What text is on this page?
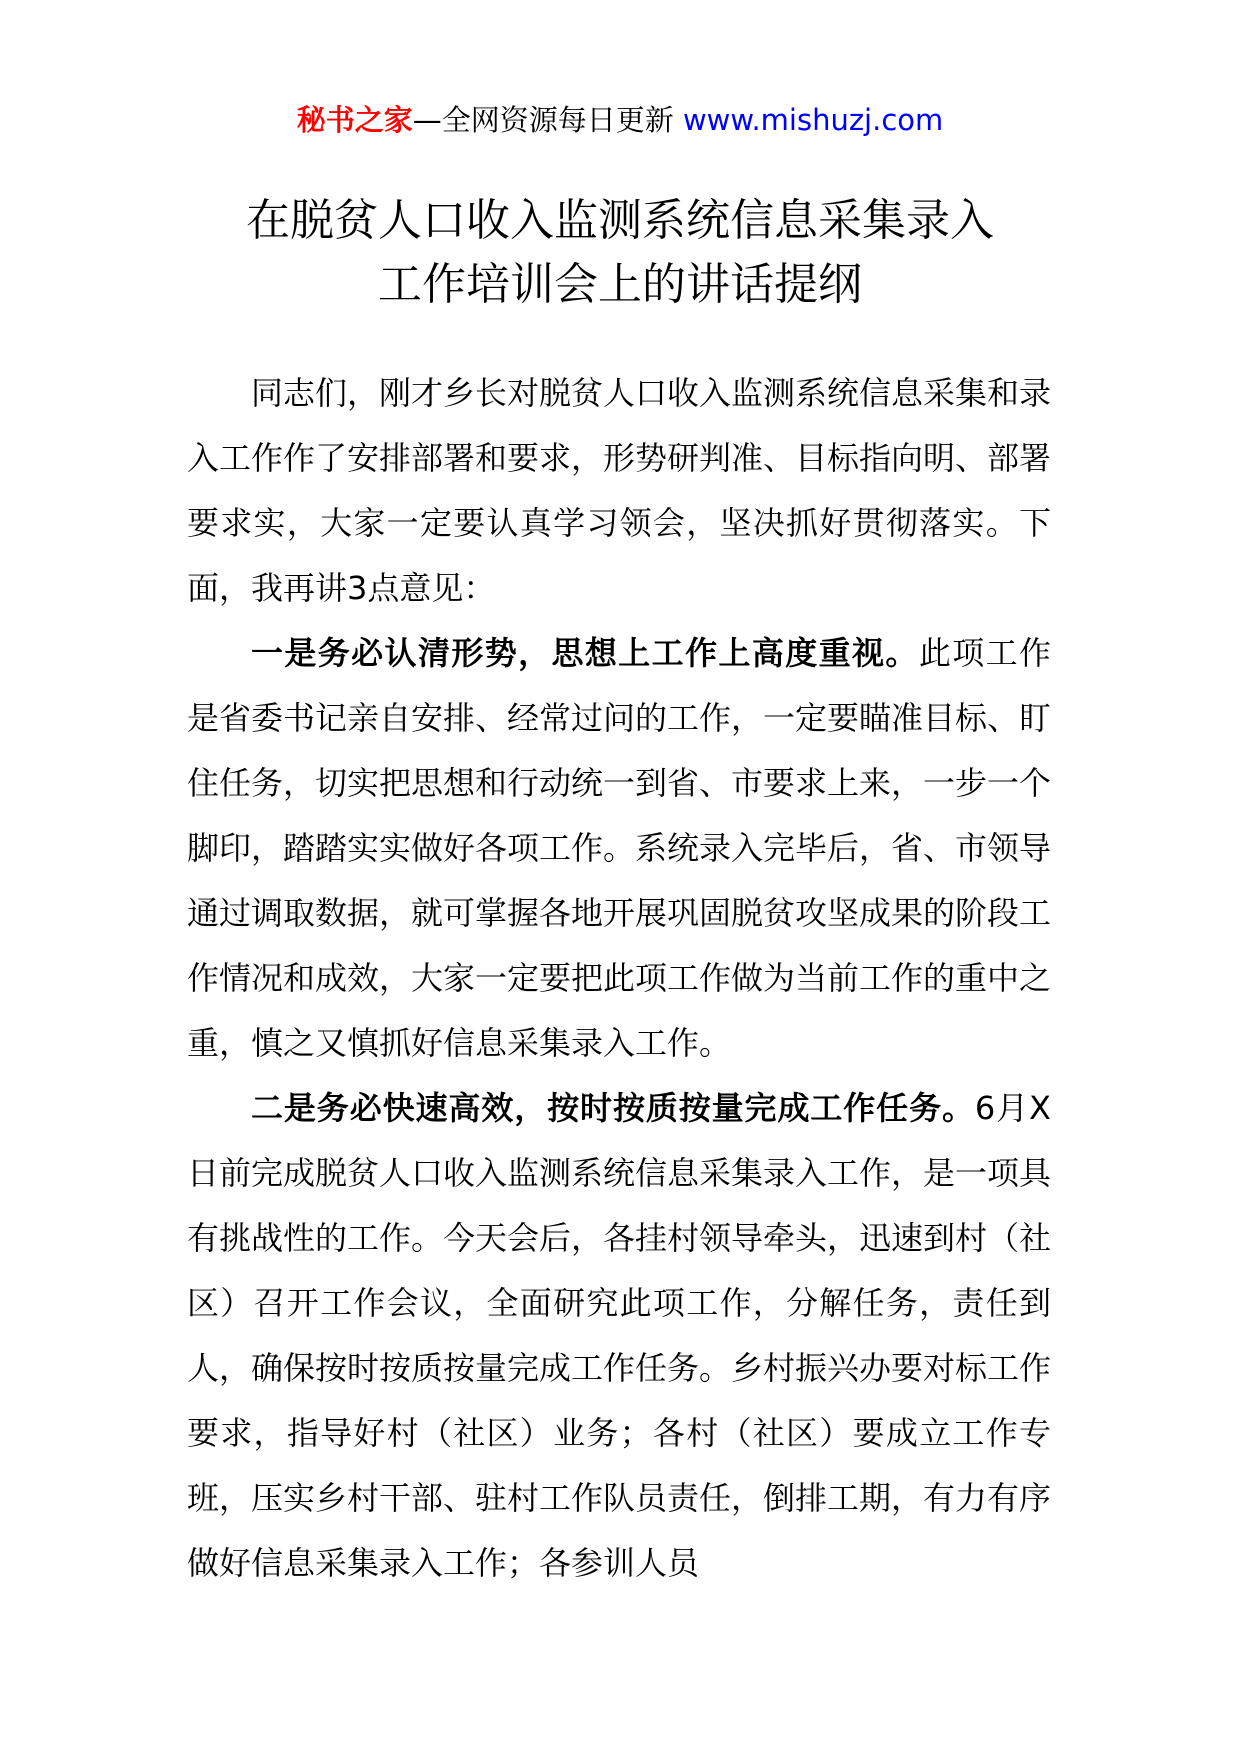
秘书之家—全网资源每日更新 www.mishuzj.com
在脱贫人口收入监测系统信息采集录入
工作培训会上的讲话提纲

同志们，刚才乡长对脱贫人口收入监测系统信息采集和录入工作作了安排部署和要求，形势研判准、目标指向明、部署要求实，大家一定要认真学习领会，坚决抓好贯彻落实。下面，我再讲3点意见：

一是务必认清形势，思想上工作上高度重视。此项工作是省委书记亲自安排、经常过问的工作，一定要瞄准目标、盯住任务，切实把思想和行动统一到省、市要求上来，一步一个脚印，踏踏实实做好各项工作。系统录入完毕后，省、市领导通过调取数据，就可掌握各地开展巩固脱贫攻坚成果的阶段工作情况和成效，大家一定要把此项工作做为当前工作的重中之重，慎之又慎抓好信息采集录入工作。

二是务必快速高效，按时按质按量完成工作任务。6月X日前完成脱贫人口收入监测系统信息采集录入工作，是一项具有挑战性的工作。今天会后，各挂村领导牵头，迅速到村（社区）召开工作会议，全面研究此项工作，分解任务，责任到人，确保按时按质按量完成工作任务。乡村振兴办要对标工作要求，指导好村（社区）业务；各村（社区）要成立工作专班，压实乡村干部、驻村工作队员责任，倒排工期，有力有序做好信息采集录入工作；各参训人员
